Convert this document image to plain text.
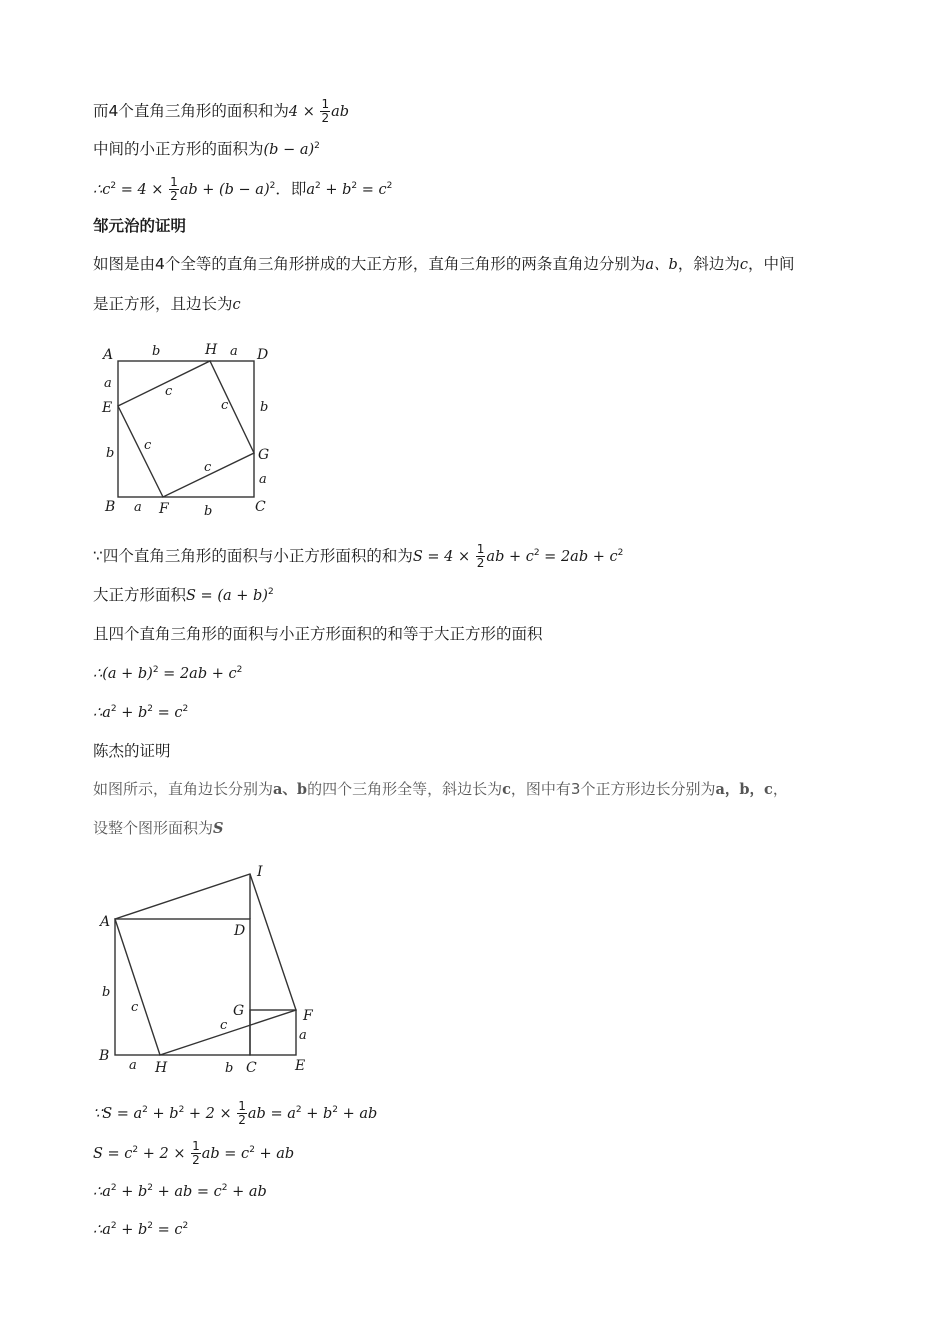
而4个直角三角形的面积和为$4 \times \frac{1}{2}$ ab
中间的小正方形的面积为$(b - a)^2$
$\therefore c^2 = 4 \times \frac{1}{2}$ ab + $(b - a)^2$．即$a^2 + b^2 = c^2$
邹元治的证明
如图是由4个全等的直角三角形拼成的大正方形，直角三角形的两条直角边分别为a、b，斜边为c，中间
是正方形，且边长为c
A	H	D
E
G
B	F	C
b	a
a
b
b
a
a	b
c
c
c
c
∵四个直角三角形的面积与小正方形面积的和为$S = 4 \times \frac{1}{2}$ ab + $c^2 = 2ab + c^2$
大正方形面积$S = (a + b)^2$
且四个直角三角形的面积与小正方形面积的和等于大正方形的面积
∴(a + $b)^2 = 2ab + c^2$
$\therefore a^2 + b^2 = c^2$
陈杰的证明
如图所示，直角边长分别为a、b的四个三角形全等，斜边长为c，图中有3个正方形边长分别为a，b，c，
设整个图形面积为S
A
I
D
G	F
B
H	C	E
b
c
c
a
a	b
∵S = $a^2 + b^2 + 2 \times \frac{1}{2}$ ab = $a^2 + b^2$ + ab
$S = c^2 + 2 \times \frac{1}{2}$ ab = $c^2$ + ab
$\therefore a^2 + b^2$ + ab = $c^2$ + ab
$\therefore a^2 + b^2 = c^2$
